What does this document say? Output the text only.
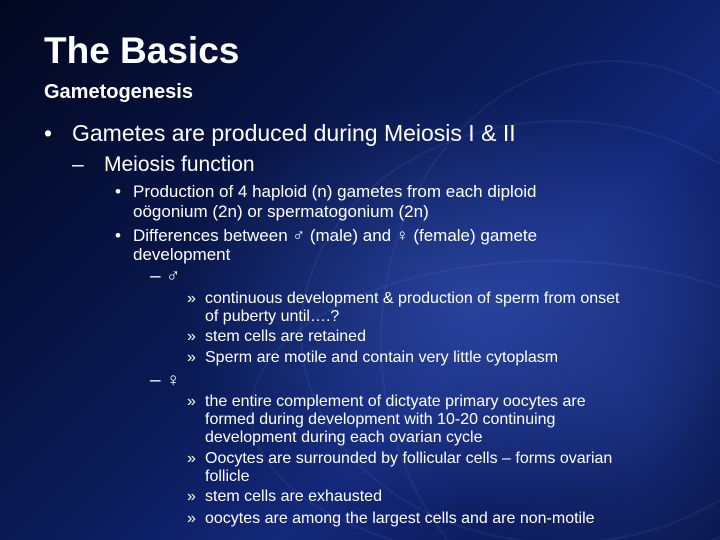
The Basics
Gametogenesis
• Gametes are produced during Meiosis I & II
– Meiosis function
• Production of 4 haploid (n) gametes from each diploid
oögonium (2n) or spermatogonium (2n)
• Differences between ♂ (male) and ♀ (female) gamete
development
– ♂
» continuous development & production of sperm from onset
of puberty until….?
» stem cells are retained
» Sperm are motile and contain very little cytoplasm
– ♀
» the entire complement of dictyate primary oocytes are
formed during development with 10-20 continuing
development during each ovarian cycle
» Oocytes are surrounded by follicular cells – forms ovarian
follicle
» stem cells are exhausted
» oocytes are among the largest cells and are non-motile
